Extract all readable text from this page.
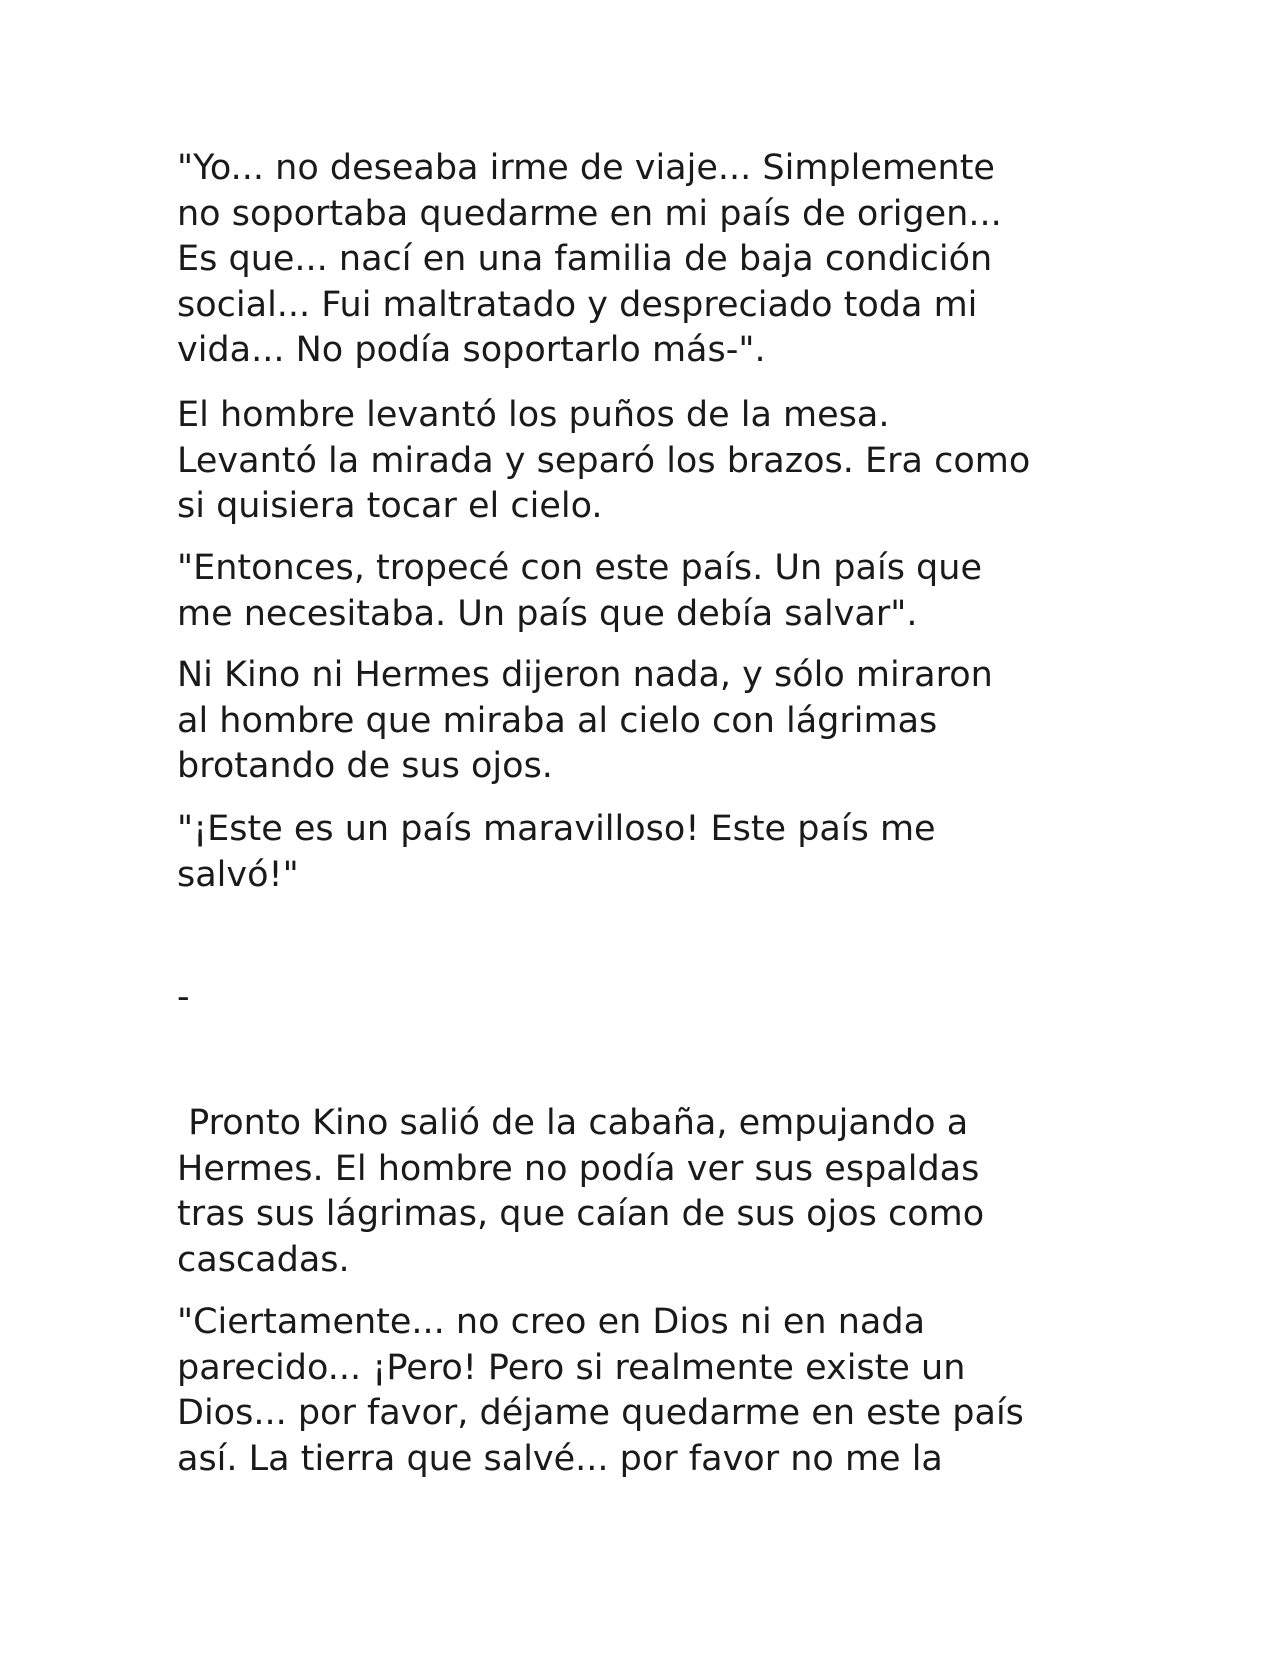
"Yo... no deseaba irme de viaje... Simplemente
no soportaba quedarme en mi país de origen...
Es que... nací en una familia de baja condición
social... Fui maltratado y despreciado toda mi
vida... No podía soportarlo más-".

El hombre levantó los puños de la mesa.
Levantó la mirada y separó los brazos. Era como
si quisiera tocar el cielo.

"Entonces, tropecé con este país. Un país que
me necesitaba. Un país que debía salvar".

Ni Kino ni Hermes dijeron nada, y sólo miraron
al hombre que miraba al cielo con lágrimas
brotando de sus ojos.

"¡Este es un país maravilloso! Este país me
salvó!"

-

Pronto Kino salió de la cabaña, empujando a
Hermes. El hombre no podía ver sus espaldas
tras sus lágrimas, que caían de sus ojos como
cascadas.

"Ciertamente... no creo en Dios ni en nada
parecido... ¡Pero! Pero si realmente existe un
Dios... por favor, déjame quedarme en este país
así. La tierra que salvé... por favor no me la
